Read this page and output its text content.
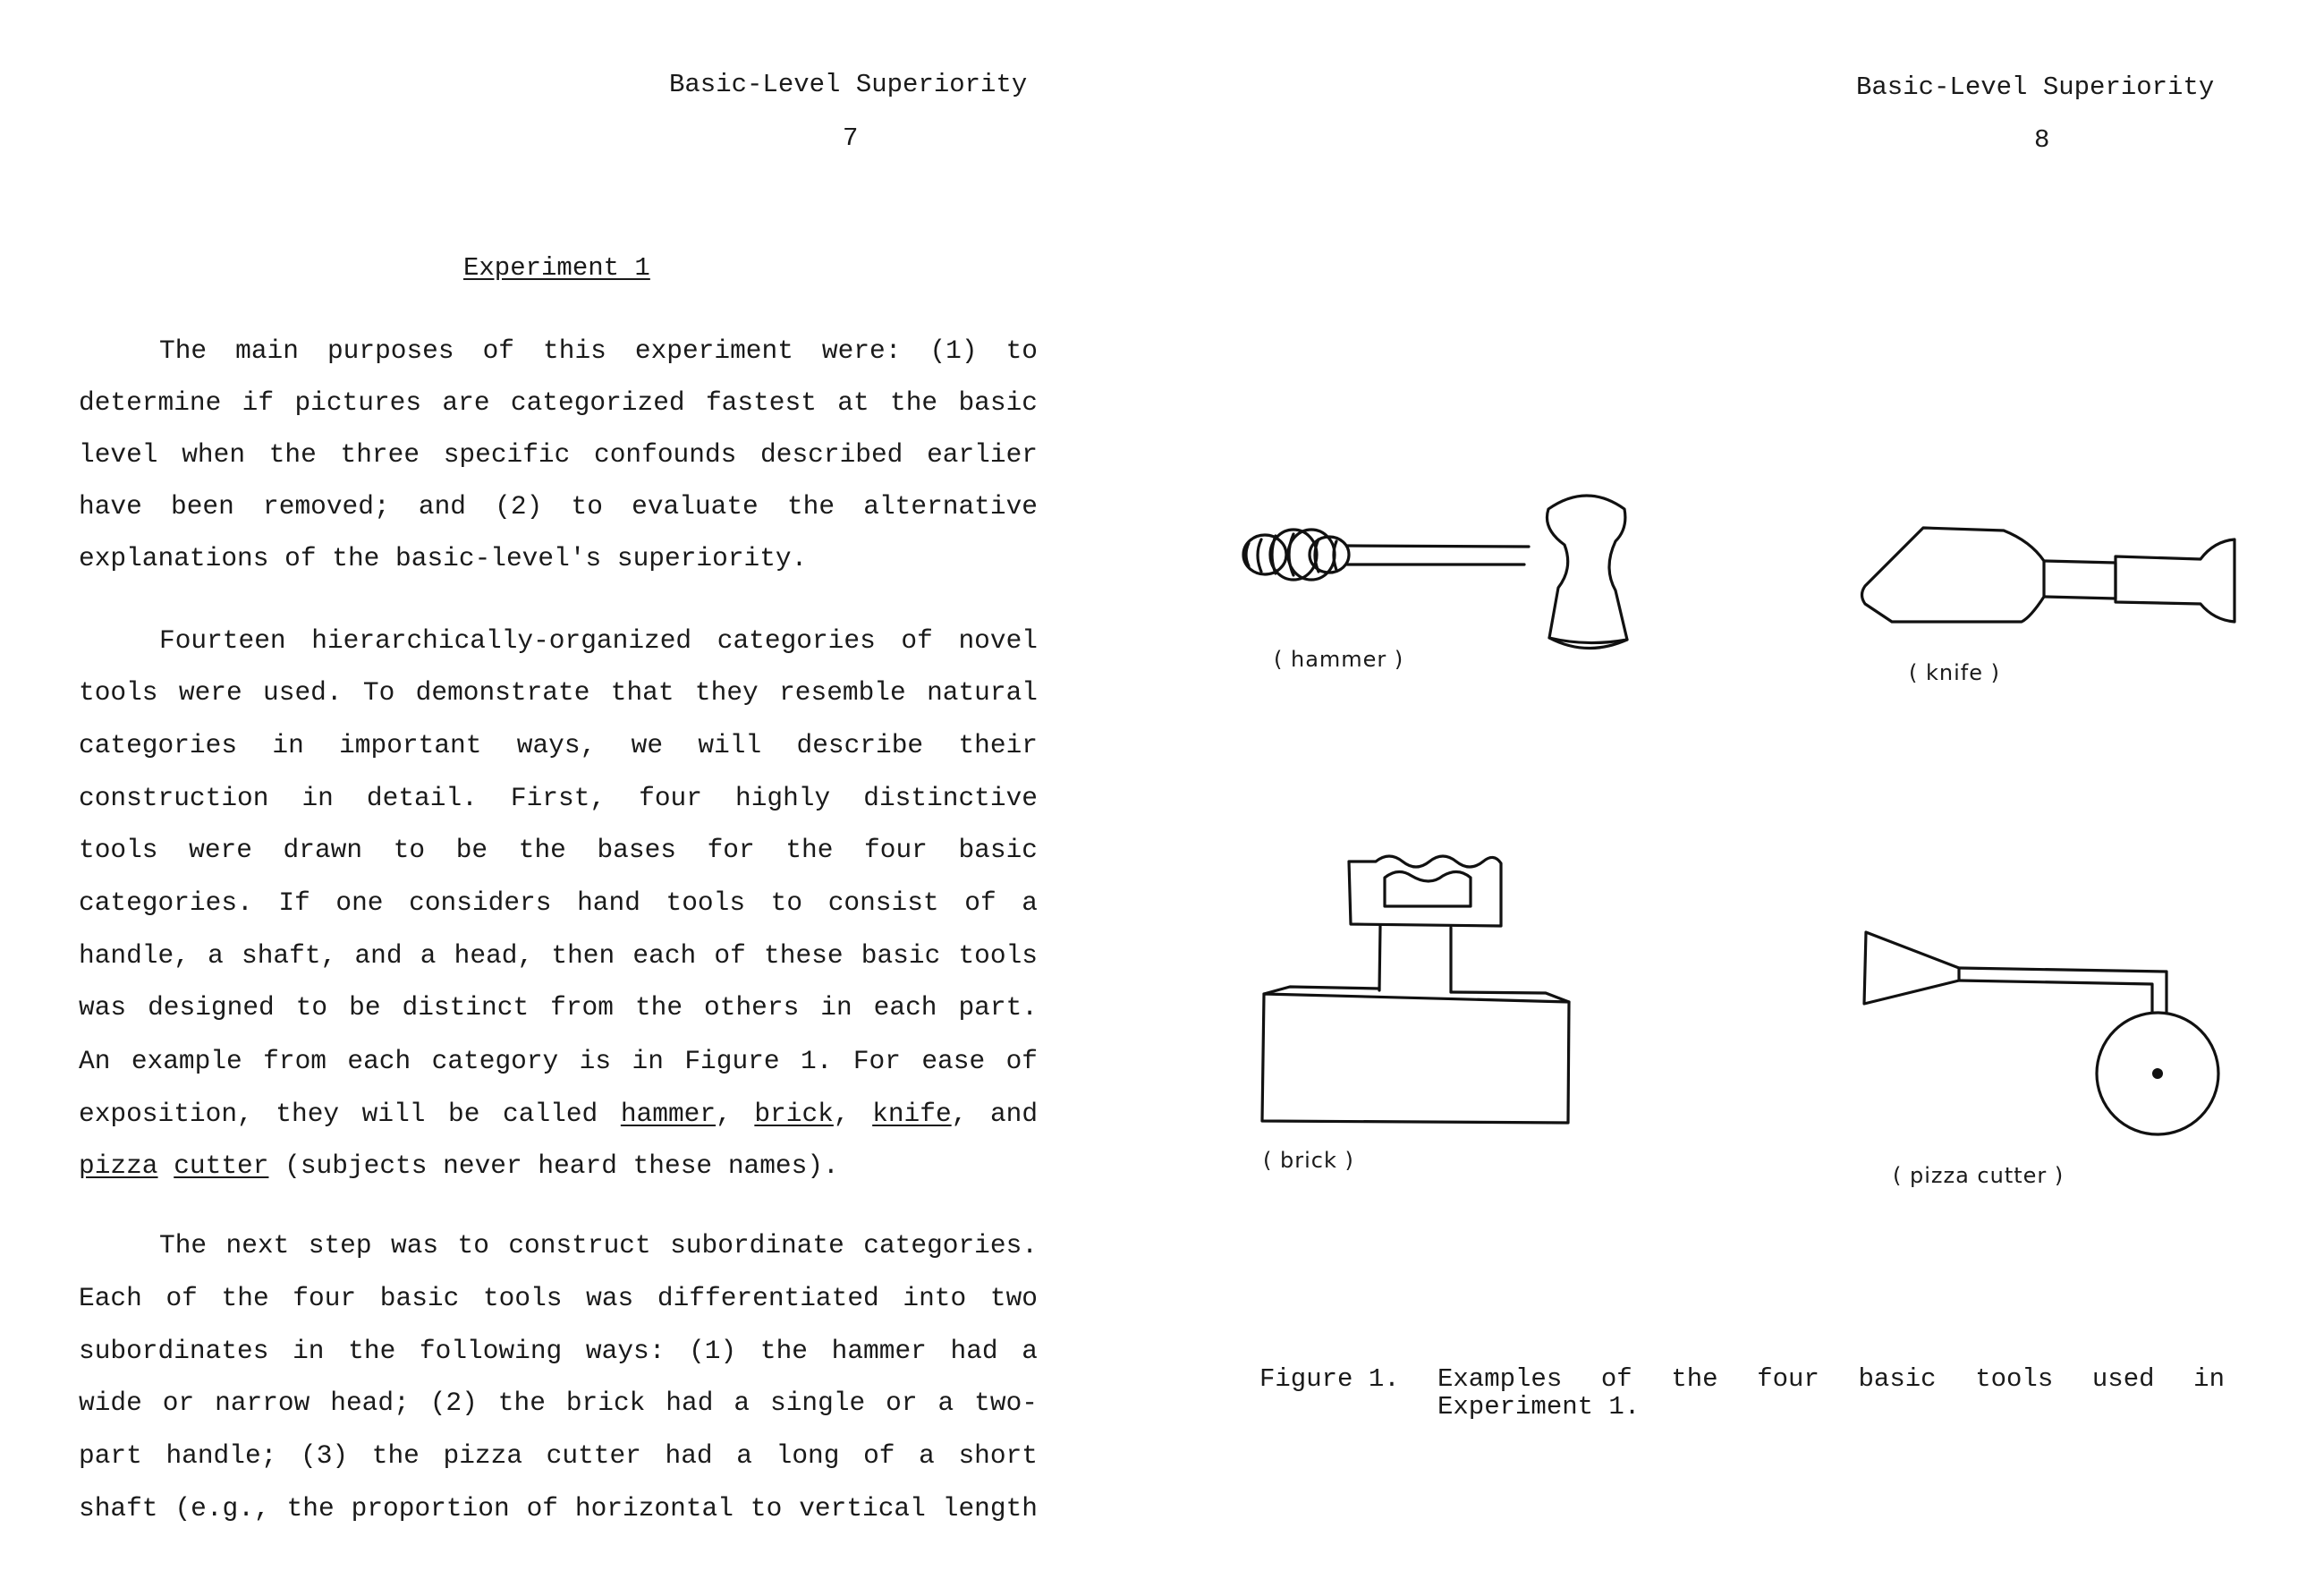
Basic-Level Superiority
7
Experiment 1
The main purposes of this experiment were: (1) to
determine if pictures are categorized fastest at the basic
level when the three specific confounds described earlier
have been removed; and (2) to evaluate the alternative
explanations of the basic-level's superiority.
Fourteen hierarchically-organized categories of novel
tools were used. To demonstrate that they resemble natural
categories in important ways, we will describe their
construction in detail. First, four highly distinctive
tools were drawn to be the bases for the four basic
categories. If one considers hand tools to consist of a
handle, a shaft, and a head, then each of these basic tools
was designed to be distinct from the others in each part.
An example from each category is in Figure 1. For ease of
exposition, they will be called hammer, brick, knife, and
pizza cutter (subjects never heard these names).
The next step was to construct subordinate categories.
Each of the four basic tools was differentiated into two
subordinates in the following ways: (1) the hammer had a
wide or narrow head; (2) the brick had a single or a two-
part handle; (3) the pizza cutter had a long of a short
shaft (e.g., the proportion of horizontal to vertical length
Basic-Level Superiority
8
( hammer )
( knife )
( brick )
( pizza cutter )
Figure 1. Examples of the four basic tools used in
Experiment 1.
